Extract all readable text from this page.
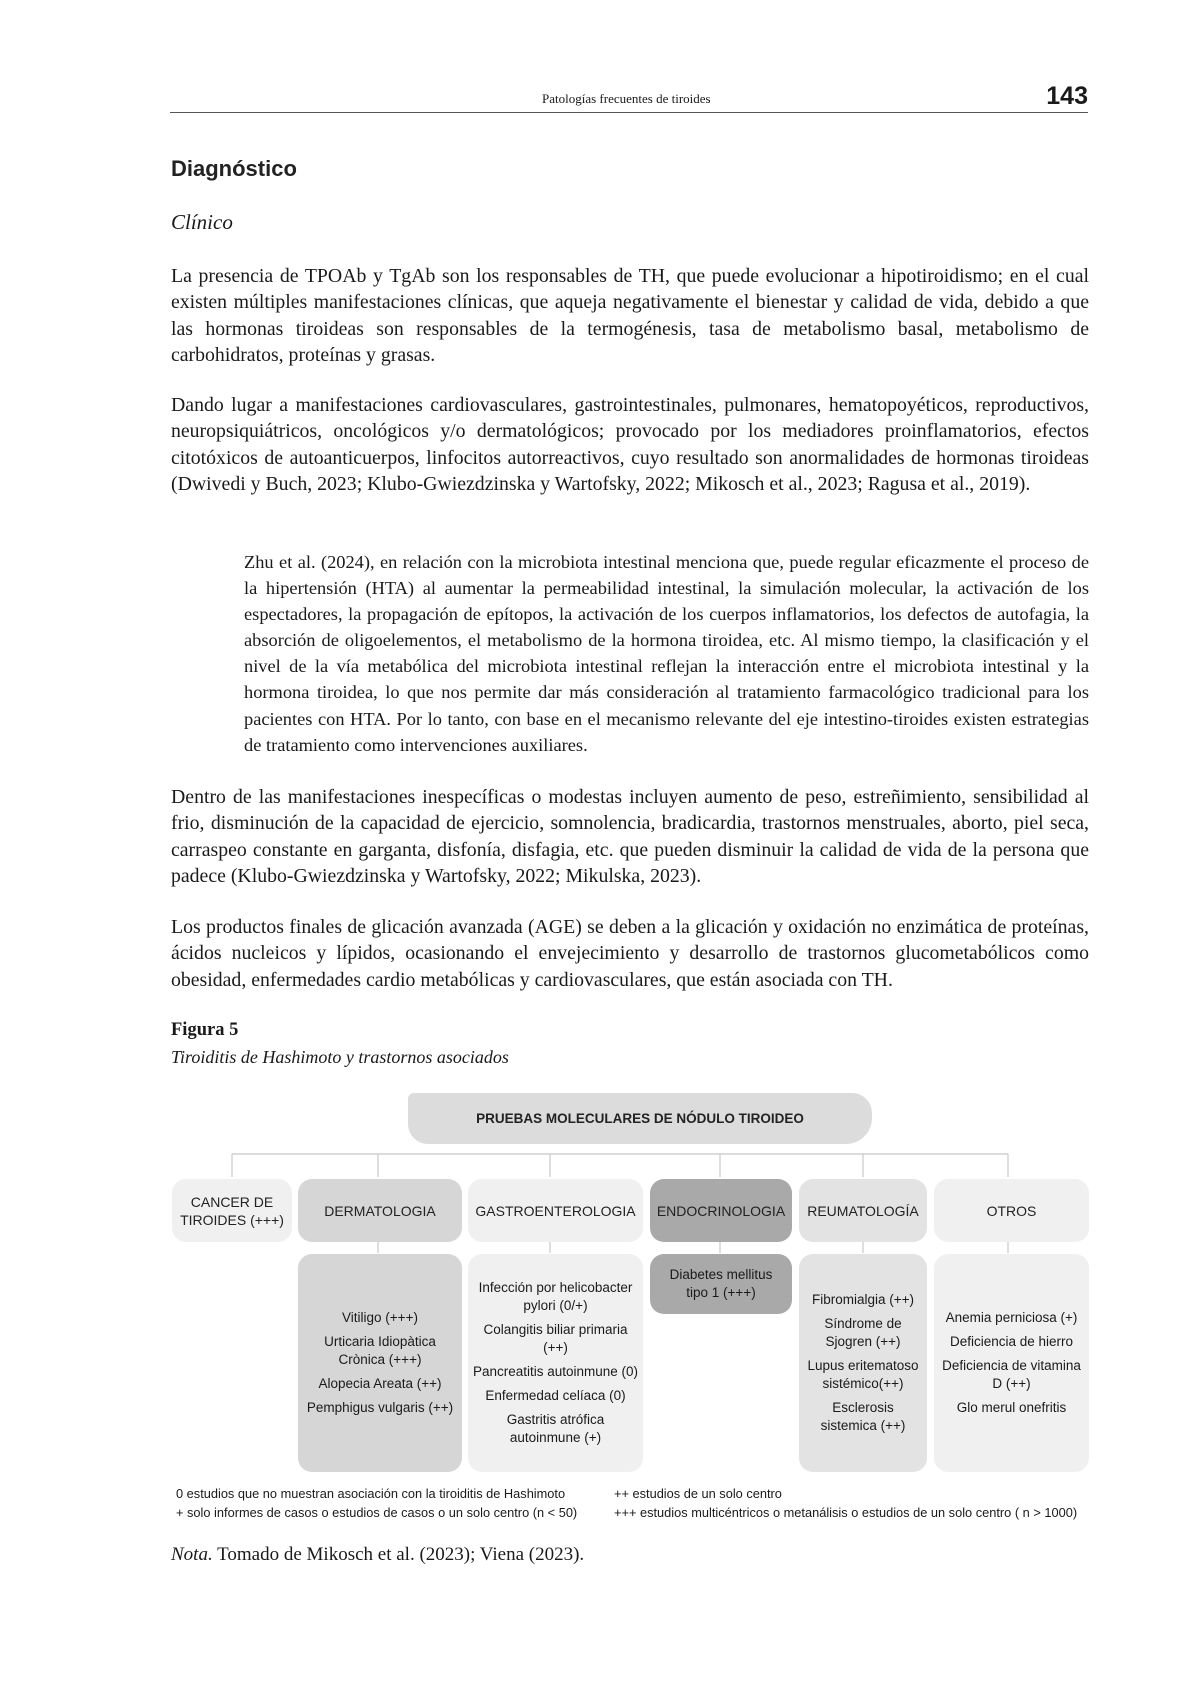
Patologías frecuentes de tiroides	143
Diagnóstico
Clínico
La presencia de TPOAb y TgAb son los responsables de TH, que puede evolucionar a hipotiroidismo; en el cual existen múltiples manifestaciones clínicas, que aqueja negativamente el bienestar y calidad de vida, debido a que las hormonas tiroideas son responsables de la termogénesis, tasa de metabolismo basal, metabolismo de carbohidratos, proteínas y grasas.
Dando lugar a manifestaciones cardiovasculares, gastrointestinales, pulmonares, hematopoyéticos, reproductivos, neuropsiquiátricos, oncológicos y/o dermatológicos; provocado por los mediadores proinflamatorios, efectos citotóxicos de autoanticuerpos, linfocitos autorreactivos, cuyo resultado son anormalidades de hormonas tiroideas (Dwivedi y Buch, 2023; Klubo-Gwiezdzinska y Wartofsky, 2022; Mikosch et al., 2023; Ragusa et al., 2019).
Zhu et al. (2024), en relación con la microbiota intestinal menciona que, puede regular eficazmente el proceso de la hipertensión (HTA) al aumentar la permeabilidad intestinal, la simulación molecular, la activación de los espectadores, la propagación de epítopos, la activación de los cuerpos inflamatorios, los defectos de autofagia, la absorción de oligoelementos, el metabolismo de la hormona tiroidea, etc. Al mismo tiempo, la clasificación y el nivel de la vía metabólica del microbiota intestinal reflejan la interacción entre el microbiota intestinal y la hormona tiroidea, lo que nos permite dar más consideración al tratamiento farmacológico tradicional para los pacientes con HTA. Por lo tanto, con base en el mecanismo relevante del eje intestino-tiroides existen estrategias de tratamiento como intervenciones auxiliares.
Dentro de las manifestaciones inespecíficas o modestas incluyen aumento de peso, estreñimiento, sensibilidad al frio, disminución de la capacidad de ejercicio, somnolencia, bradicardia, trastornos menstruales, aborto, piel seca, carraspeo constante en garganta, disfonía, disfagia, etc. que pueden disminuir la calidad de vida de la persona que padece (Klubo-Gwiezdzinska y Wartofsky, 2022; Mikulska, 2023).
Los productos finales de glicación avanzada (AGE) se deben a la glicación y oxidación no enzimática de proteínas, ácidos nucleicos y lípidos, ocasionando el envejecimiento y desarrollo de trastornos glucometabólicos como obesidad, enfermedades cardio metabólicas y cardiovasculares, que están asociada con TH.
Figura 5
Tiroiditis de Hashimoto y trastornos asociados
PRUEBAS MOLECULARES DE NÓDULO TIROIDEO
CANCER DE TIROIDES (+++)
DERMATOLOGIA	GASTROENTEROLOGIA	ENDOCRINOLOGIA	REUMATOLOGÍA	OTROS
Vitiligo (+++)
Urticaria Idiopàtica Crònica (+++)
Alopecia Areata (++)
Pemphigus vulgaris (++)
Infección por helicobacter pylori (0/+)
Colangitis biliar primaria (++)
Pancreatitis autoinmune (0)
Enfermedad celíaca (0)
Gastritis atrófica autoinmune (+)
Diabetes mellitus tipo 1 (+++)	Fibromialgia (++)
Síndrome de Sjogren (++)
Lupus eritematoso sistémico(++)
Esclerosis sistemica (++)
Anemia perniciosa (+)
Deficiencia de hierro
Deficiencia de vitamina D (++)
Glo merul onefritis
0 estudios que no muestran asociación con la tiroiditis de Hashimoto
+ solo informes de casos o estudios de casos o un solo centro (n < 50)
++ estudios de un solo centro
+++ estudios multicéntricos o metanálisis o estudios de un solo centro ( n > 1000)
Nota. Tomado de Mikosch et al. (2023); Viena (2023).
